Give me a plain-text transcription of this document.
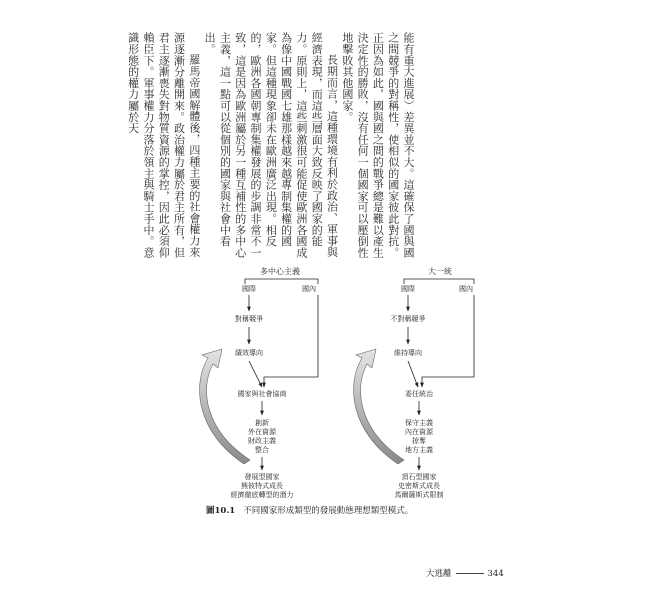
能有重大進展）差異並不大。這確保了國與國之間競爭的對稱性，使相似的國家彼此對抗。正因為如此，國與國之間的戰爭總是難以產生決定性的勝敗，沒有任何一個國家可以壓倒性地擊敗其他國家。

長期而言，這種環境有利於政治、軍事與經濟表現，而這些層面大致反映了國家的能力。原則上，這些刺激很可能促使歐洲各國成為像中國戰國七雄那樣越來越專制集權的國家。但這種現象卻未在歐洲廣泛出現。相反的，歐洲各國朝專制集權發展的步調非常不一致，這是因為歐洲屬於另一種互補性的多中心主義，這一點可以從個別的國家與社會中看出。

羅馬帝國解體後，四種主要的社會權力來源逐漸分離開來。政治權力屬於君主所有，但君主逐漸喪失對物質資源的掌控，因此必須仰賴臣下。軍事權力分落於領主與騎士手中。意識形態的權力屬於天

多中心主義
國際	國內
對稱競爭
績效導向
國家與社會協商
創新
外在資源
財政主義
整合
發展型國家
熊彼特式成長
經濟徹底轉型的潛力
大一統
國際	國內
不對稱競爭
維持導向
委任統治
保守主義
內在資源
掠奪
地方主義
頂石型國家
史密斯式成長
馬爾薩斯式限制
圖10.1 不同國家形成類型的發展動態理想類型模式。
大逃離	344
